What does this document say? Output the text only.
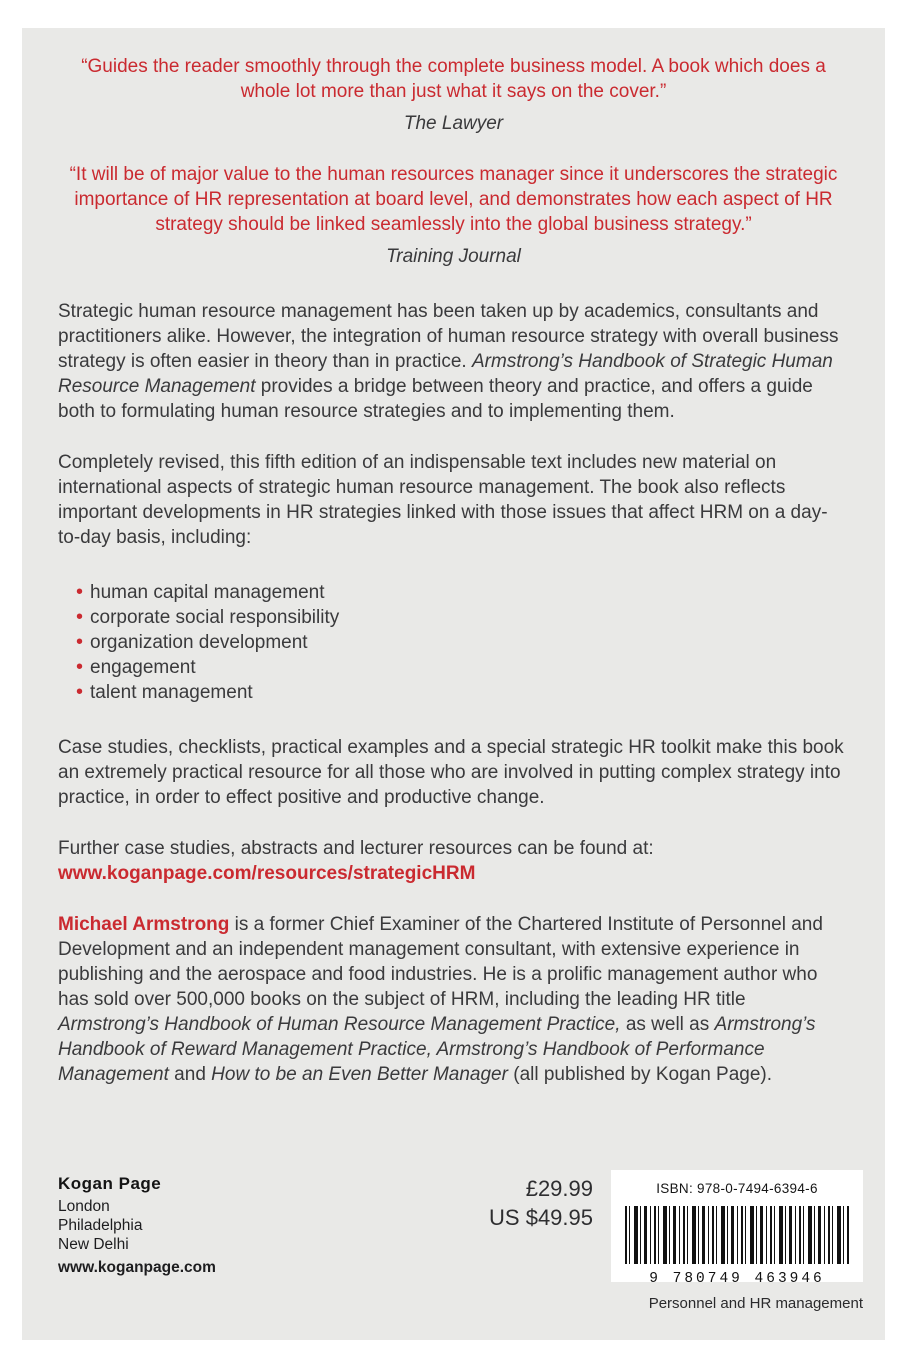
“Guides the reader smoothly through the complete business model. A book which does a whole lot more than just what it says on the cover.”
The Lawyer
“It will be of major value to the human resources manager since it underscores the strategic importance of HR representation at board level, and demonstrates how each aspect of HR strategy should be linked seamlessly into the global business strategy.”
Training Journal

Strategic human resource management has been taken up by academics, consultants and practitioners alike. However, the integration of human resource strategy with overall business strategy is often easier in theory than in practice. Armstrong’s Handbook of Strategic Human Resource Management provides a bridge between theory and practice, and offers a guide both to formulating human resource strategies and to implementing them.

Completely revised, this fifth edition of an indispensable text includes new material on international aspects of strategic human resource management. The book also reflects important developments in HR strategies linked with those issues that affect HRM on a day-to-day basis, including:

• human capital management
• corporate social responsibility
• organization development
• engagement
• talent management

Case studies, checklists, practical examples and a special strategic HR toolkit make this book an extremely practical resource for all those who are involved in putting complex strategy into practice, in order to effect positive and productive change.

Further case studies, abstracts and lecturer resources can be found at:

www.koganpage.com/resources/strategicHRM

Michael Armstrong is a former Chief Examiner of the Chartered Institute of Personnel and Development and an independent management consultant, with extensive experience in publishing and the aerospace and food industries. He is a prolific management author who has sold over 500,000 books on the subject of HRM, including the leading HR title Armstrong’s Handbook of Human Resource Management Practice, as well as Armstrong’s Handbook of Reward Management Practice, Armstrong’s Handbook of Performance Management and How to be an Even Better Manager (all published by Kogan Page).

Kogan Page
London
Philadelphia
New Delhi
www.koganpage.com
£29.99
US $49.95
ISBN: 978-0-7494-6394-6
9 780749 463946
Personnel and HR management
